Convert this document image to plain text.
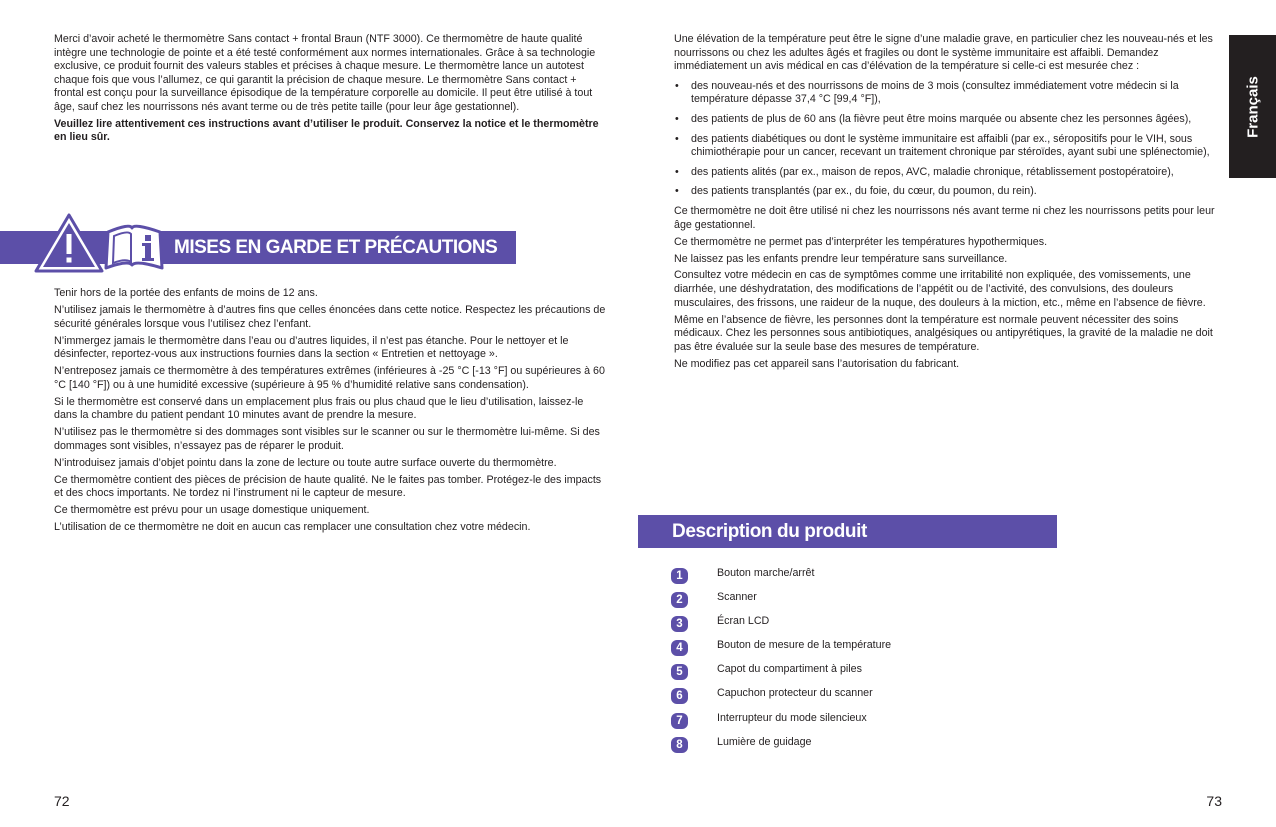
Merci d’avoir acheté le thermomètre Sans contact + frontal Braun (NTF 3000). Ce thermomètre de haute qualité intègre une technologie de pointe et a été testé conformément aux normes internationales. Grâce à sa technologie exclusive, ce produit fournit des valeurs stables et précises à chaque mesure. Le thermomètre lance un autotest chaque fois que vous l’allumez, ce qui garantit la précision de chaque mesure. Le thermomètre Sans contact + frontal est conçu pour la surveillance épisodique de la température corporelle au domicile. Il peut être utilisé à tout âge, sauf chez les nourrissons nés avant terme ou de très petite taille (pour leur âge gestationnel).

Veuillez lire attentivement ces instructions avant d’utiliser le produit. Conservez la notice et le thermomètre en lieu sûr.

MISES EN GARDE ET PRÉCAUTIONS

Tenir hors de la portée des enfants de moins de 12 ans.

N’utilisez jamais le thermomètre à d’autres fins que celles énoncées dans cette notice. Respectez les précautions de sécurité générales lorsque vous l’utilisez chez l’enfant.

N’immergez jamais le thermomètre dans l’eau ou d’autres liquides, il n’est pas étanche. Pour le nettoyer et le désinfecter, reportez-vous aux instructions fournies dans la section « Entretien et nettoyage ».

N’entreposez jamais ce thermomètre à des températures extrêmes (inférieures à -25 °C [-13 °F] ou supérieures à 60 °C [140 °F]) ou à une humidité excessive (supérieure à 95 % d’humidité relative sans condensation).

Si le thermomètre est conservé dans un emplacement plus frais ou plus chaud que le lieu d’utilisation, laissez-le dans la chambre du patient pendant 10 minutes avant de prendre la mesure.

N’utilisez pas le thermomètre si des dommages sont visibles sur le scanner ou sur le thermomètre lui-même. Si des dommages sont visibles, n’essayez pas de réparer le produit.

N’introduisez jamais d’objet pointu dans la zone de lecture ou toute autre surface ouverte du thermomètre.

Ce thermomètre contient des pièces de précision de haute qualité. Ne le faites pas tomber. Protégez-le des impacts et des chocs importants. Ne tordez ni l’instrument ni le capteur de mesure.

Ce thermomètre est prévu pour un usage domestique uniquement.

L’utilisation de ce thermomètre ne doit en aucun cas remplacer une consultation chez votre médecin.

72

Une élévation de la température peut être le signe d’une maladie grave, en particulier chez les nouveau-nés et les nourrissons ou chez les adultes âgés et fragiles ou dont le système immunitaire est affaibli. Demandez immédiatement un avis médical en cas d’élévation de la température si celle-ci est mesurée chez :

• des nouveau-nés et des nourrissons de moins de 3 mois (consultez immédiatement votre médecin si la température dépasse 37,4 °C [99,4 °F]),
• des patients de plus de 60 ans (la fièvre peut être moins marquée ou absente chez les personnes âgées),
• des patients diabétiques ou dont le système immunitaire est affaibli (par ex., séropositifs pour le VIH, sous chimiothérapie pour un cancer, recevant un traitement chronique par stéroïdes, ayant subi une splénectomie),
• des patients alités (par ex., maison de repos, AVC, maladie chronique, rétablissement postopératoire),
• des patients transplantés (par ex., du foie, du cœur, du poumon, du rein).

Ce thermomètre ne doit être utilisé ni chez les nourrissons nés avant terme ni chez les nourrissons petits pour leur âge gestationnel.

Ce thermomètre ne permet pas d’interpréter les températures hypothermiques.

Ne laissez pas les enfants prendre leur température sans surveillance.

Consultez votre médecin en cas de symptômes comme une irritabilité non expliquée, des vomissements, une diarrhée, une déshydratation, des modifications de l’appétit ou de l’activité, des convulsions, des douleurs musculaires, des frissons, une raideur de la nuque, des douleurs à la miction, etc., même en l’absence de fièvre.

Même en l’absence de fièvre, les personnes dont la température est normale peuvent nécessiter des soins médicaux. Chez les personnes sous antibiotiques, analgésiques ou antipyrétiques, la gravité de la maladie ne doit pas être évaluée sur la seule base des mesures de température.

Ne modifiez pas cet appareil sans l’autorisation du fabricant.

Français
Description du produit
1	Bouton marche/arrêt
2	Scanner
3	Écran LCD
4	Bouton de mesure de la température
5	Capot du compartiment à piles
6	Capuchon protecteur du scanner
7	Interrupteur du mode silencieux
8	Lumière de guidage
73
